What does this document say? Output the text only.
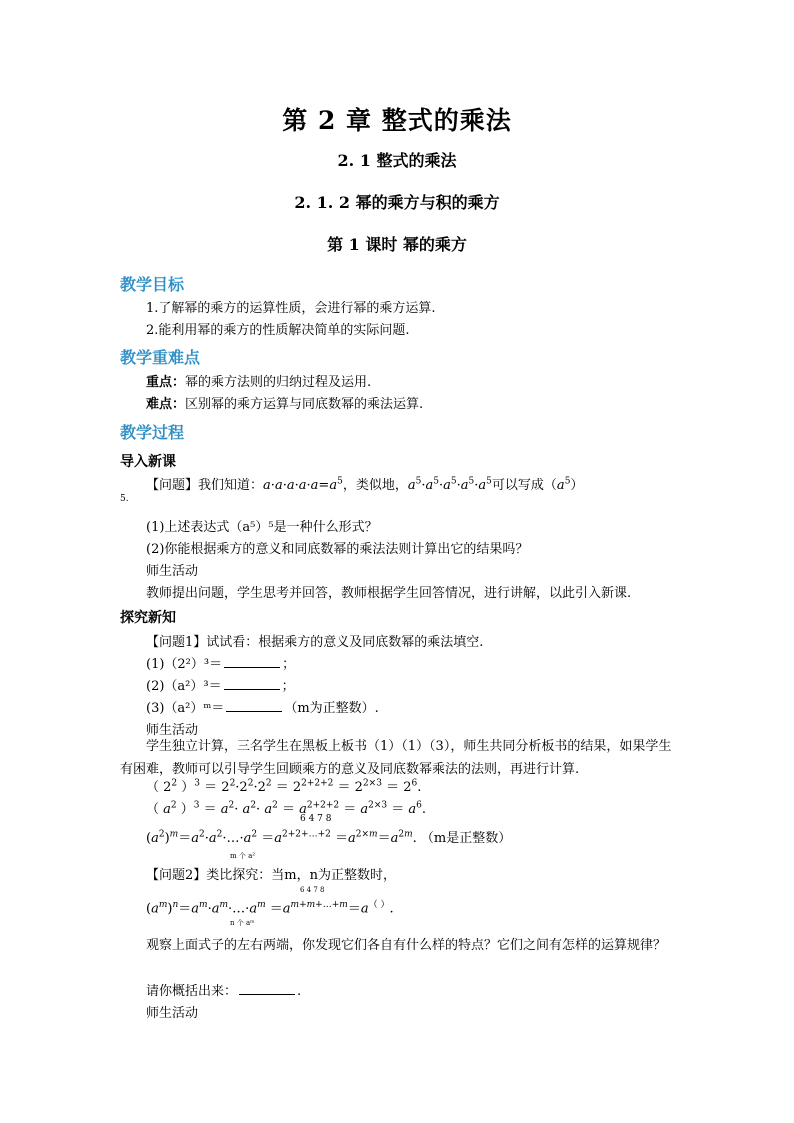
第 2 章 整式的乘法
2. 1 整式的乘法
2. 1. 2 幂的乘方与积的乘方
第 1 课时 幂的乘方
教学目标
1.了解幂的乘方的运算性质，会进行幂的乘方运算.
2.能利用幂的乘方的性质解决简单的实际问题.
教学重难点
重点：幂的乘方法则的归纳过程及运用.
难点：区别幂的乘方运算与同底数幂的乘法运算.
教学过程
导入新课
【问题】我们知道：$a\cdot a\cdot a\cdot a\cdot a=a^5$，类似地，$a^5\cdot a^5\cdot a^5\cdot a^5\cdot a^5$可以写成$(a^5)$
5.
(1)上述表达式（a⁵）⁵是一种什么形式？
(2)你能根据乘方的意义和同底数幂的乘法法则计算出它的结果吗？
师生活动
教师提出问题，学生思考并回答，教师根据学生回答情况，进行讲解，以此引入新课.
探究新知
【问题1】试试看：根据乘方的意义及同底数幂的乘法填空.
(1)（2²）³＝	；
(2)（a²）³＝	；
(3)（a²）ᵐ＝	（m为正整数）.
师生活动
学生独立计算，三名学生在黑板上板书（1）（1）（3），师生共同分析板书的结果，如果学生有困难，教师可以引导学生回顾乘方的意义及同底数幂乘法的法则，再进行计算.
（ $2^2$ ）$^3 = 2^2\cdot 2^2\cdot 2^2 = 2^{2+2+2} = 2^{2\times 3} = 2^6$.
（ $a^2$ ）$^3 = a^2\cdot a^2\cdot a^2 = a^{2+2+2} = a^{2\times 3} = a^6$.
6 4 7 8
$(a^2)^m=a^2\cdot a^2\cdot\dots\cdot a^2 =a^{2+2+\dots+2} =a^{2\times m}=a^{2m}$. （m是正整数）
m 个 a²
【问题2】类比探究：当m，n为正整数时，
6 4 7 8
$(a^m)^n=a^m\cdot a^m\cdot\dots\cdot a^m =a^{m+m+\dots+m}=a^{( )}$.
n 个 aᵐ
观察上面式子的左右两端，你发现它们各自有什么样的特点？它们之间有怎样的运算规律？
请你概括出来：	.
师生活动
